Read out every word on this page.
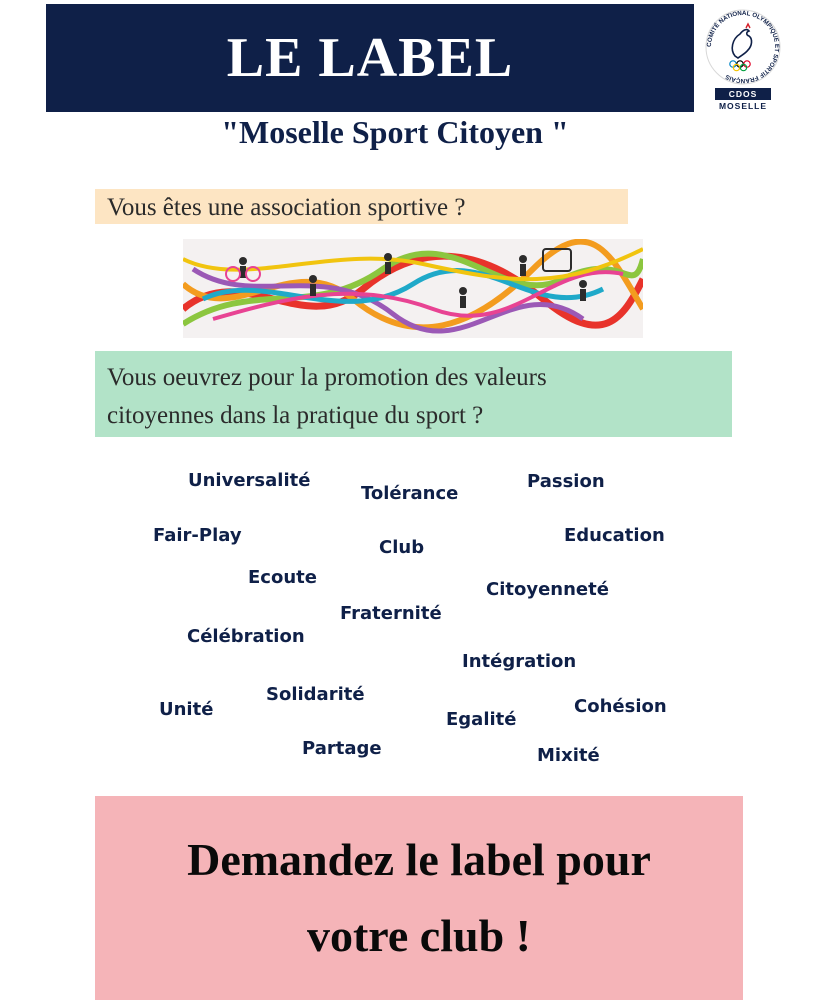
LE LABEL	COMITÉ NATIONAL OLYMPIQUE ET SPORTIF FRANÇAIS
CDOS
MOSELLE
"Moselle Sport Citoyen "
Vous êtes une association sportive ?
Vous oeuvrez pour la promotion des valeurs
citoyennes dans la pratique du sport ?
Universalité
Tolérance
Passion
Fair-Play
Club
Education
Ecoute
Citoyenneté
Fraternité
Célébration
Intégration
Solidarité
Unité	Cohésion
Egalité
Partage	Mixité
Demandez le label pour
votre club !
